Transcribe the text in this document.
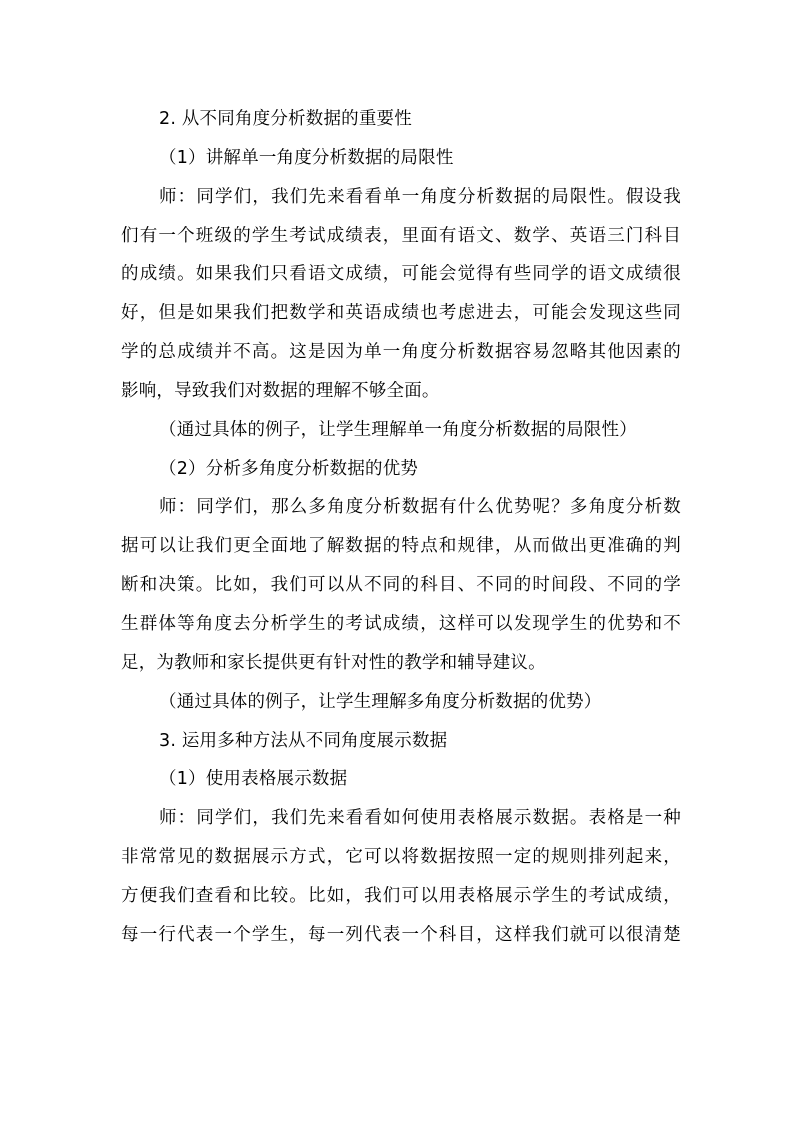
2. 从不同角度分析数据的重要性
（1）讲解单一角度分析数据的局限性
师：同学们，我们先来看看单一角度分析数据的局限性。假设我
们有一个班级的学生考试成绩表，里面有语文、数学、英语三门科目
的成绩。如果我们只看语文成绩，可能会觉得有些同学的语文成绩很
好，但是如果我们把数学和英语成绩也考虑进去，可能会发现这些同
学的总成绩并不高。这是因为单一角度分析数据容易忽略其他因素的
影响，导致我们对数据的理解不够全面。
（通过具体的例子，让学生理解单一角度分析数据的局限性）
（2）分析多角度分析数据的优势
师：同学们，那么多角度分析数据有什么优势呢？多角度分析数
据可以让我们更全面地了解数据的特点和规律，从而做出更准确的判
断和决策。比如，我们可以从不同的科目、不同的时间段、不同的学
生群体等角度去分析学生的考试成绩，这样可以发现学生的优势和不
足，为教师和家长提供更有针对性的教学和辅导建议。
（通过具体的例子，让学生理解多角度分析数据的优势）
3. 运用多种方法从不同角度展示数据
（1）使用表格展示数据
师：同学们，我们先来看看如何使用表格展示数据。表格是一种
非常常见的数据展示方式，它可以将数据按照一定的规则排列起来，
方便我们查看和比较。比如，我们可以用表格展示学生的考试成绩，
每一行代表一个学生，每一列代表一个科目，这样我们就可以很清楚
